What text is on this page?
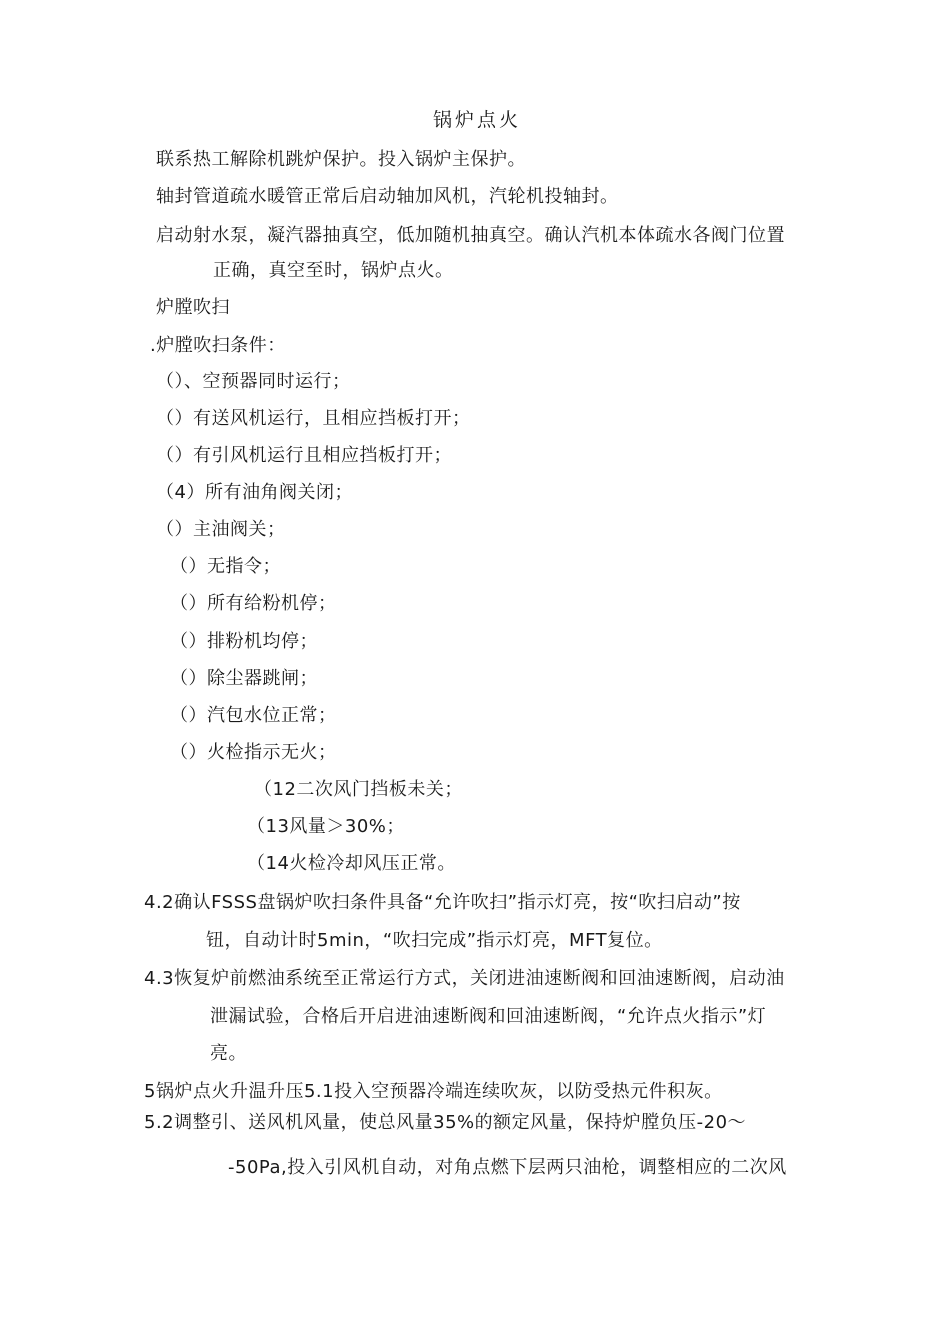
锅炉点火
联系热工解除机跳炉保护。投入锅炉主保护。
轴封管道疏水暖管正常后启动轴加风机，汽轮机投轴封。
启动射水泵，凝汽器抽真空，低加随机抽真空。确认汽机本体疏水各阀门位置
正确，真空至时，锅炉点火。
炉膛吹扫
.炉膛吹扫条件：
（）、空预器同时运行；
（）有送风机运行，且相应挡板打开；
（）有引风机运行且相应挡板打开；
（4）所有油角阀关闭；
（）主油阀关；
（）无指令；
（）所有给粉机停；
（）排粉机均停；
（）除尘器跳闸；
（）汽包水位正常；
（）火检指示无火；
（12二次风门挡板未关；
（13风量＞30%；
（14火检冷却风压正常。
4.2确认FSSS盘锅炉吹扫条件具备“允许吹扫”指示灯亮，按“吹扫启动”按
钮，自动计时5min，“吹扫完成”指示灯亮，MFT复位。
4.3恢复炉前燃油系统至正常运行方式，关闭进油速断阀和回油速断阀，启动油
泄漏试验，合格后开启进油速断阀和回油速断阀，“允许点火指示”灯
亮。
5锅炉点火升温升压5.1投入空预器冷端连续吹灰，以防受热元件积灰。
5.2调整引、送风机风量，使总风量35%的额定风量，保持炉膛负压-20〜
-50Pa,投入引风机自动，对角点燃下层两只油枪，调整相应的二次风
